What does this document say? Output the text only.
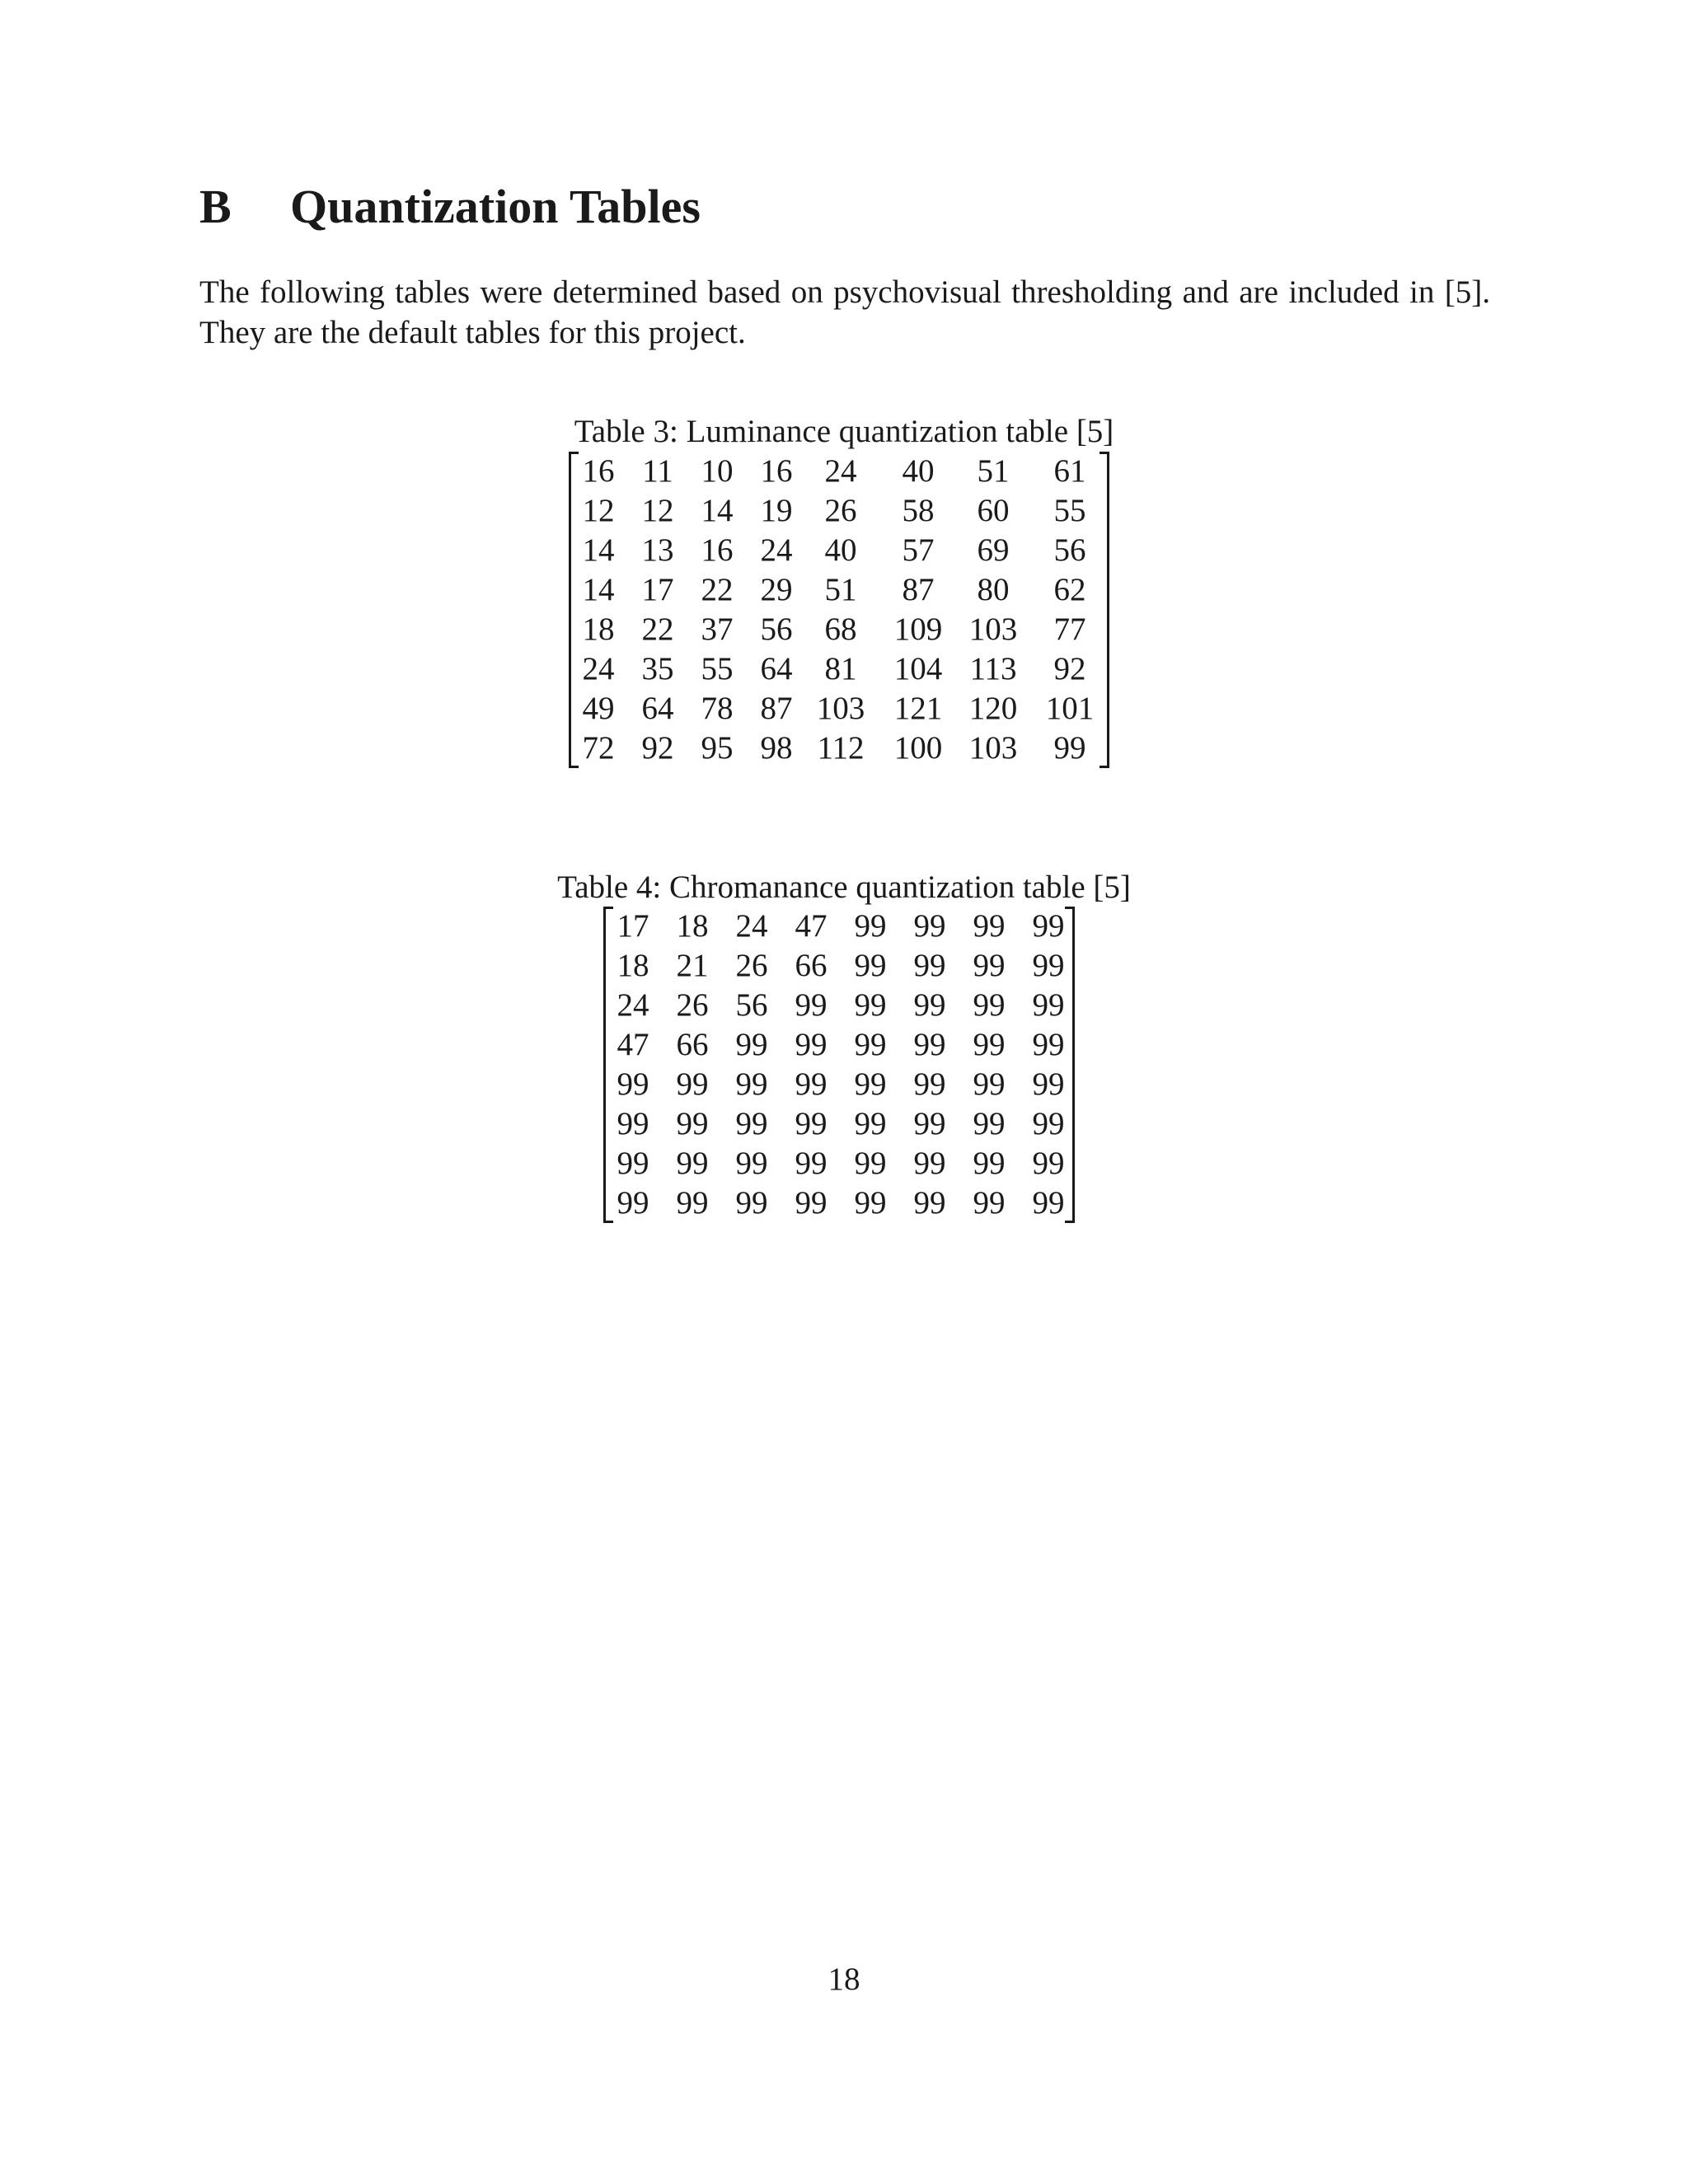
B Quantization Tables

The following tables were determined based on psychovisual thresholding and are included in [5]. They are the default tables for this project.

Table 3: Luminance quantization table [5]
16 11 10 16	24	40	51	61
12 12 14 19	26	58	60	55
14 13 16 24	40	57	69	56
14 17 22 29	51	87	80	62
18 22 37 56	68	109 103	77
24 35 55 64	81	104 113	92
49 64 78 87 103 121 120 101
72 92 95 98 112 100 103	99
Table 4: Chromanance quantization table [5]
17 18 24 47 99 99 99 99
18 21 26 66 99 99 99 99
24 26 56 99 99 99 99 99
47 66 99 99 99 99 99 99
99 99 99 99 99 99 99 99
99 99 99 99 99 99 99 99
99 99 99 99 99 99 99 99
99 99 99 99 99 99 99 99
18
